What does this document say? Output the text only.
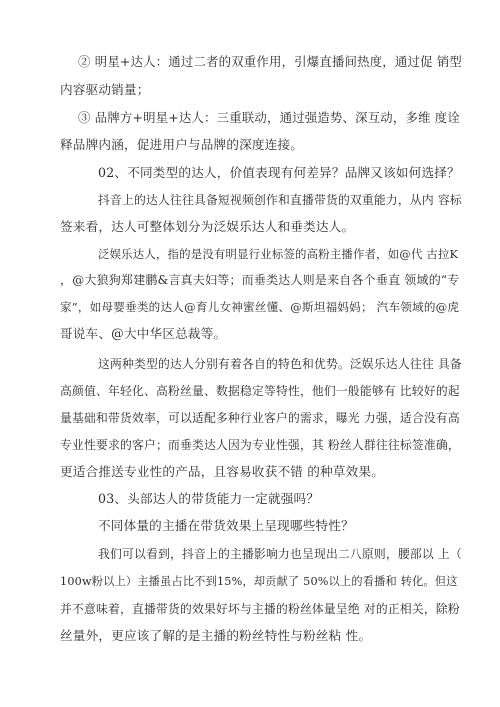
② 明星+达人：通过二者的双重作用，引爆直播间热度，通过促 销型
内容驱动销量；
③ 品牌方+明星+达人：三重联动，通过强造势、深互动，多维 度诠
释品牌内涵，促进用户与品牌的深度连接。
02、不同类型的达人，价值表现有何差异？品牌又该如何选择？
抖音上的达人往往具备短视频创作和直播带货的双重能力，从内 容标
签来看，达人可整体划分为泛娱乐达人和垂类达人。
泛娱乐达人，指的是没有明显行业标签的高粉主播作者，如@代 古拉K
，@大狼狗郑建鹏&言真夫妇等；而垂类达人则是来自各个垂直 领域的“专
家”，如母婴垂类的达人@育儿女神蜜丝懂、@斯坦福妈妈； 汽车领域的@虎
哥说车、@大中华区总裁等。
这两种类型的达人分别有着各自的特色和优势。泛娱乐达人往往 具备
高颜值、年轻化、高粉丝量、数据稳定等特性，他们一般能够有 比较好的起
量基础和带货效率，可以适配多种行业客户的需求，曝光 力强，适合没有高
专业性要求的客户；而垂类达人因为专业性强，其 粉丝人群往往标签准确，
更适合推送专业性的产品，且容易收获不错 的种草效果。
03、头部达人的带货能力一定就强吗？
不同体量的主播在带货效果上呈现哪些特性？
我们可以看到，抖音上的主播影响力也呈现出二八原则，腰部以 上（
100w粉以上）主播虽占比不到15%，却贡献了 50%以上的看播和 转化。但这
并不意味着，直播带货的效果好坏与主播的粉丝体量呈绝 对的正相关，除粉
丝量外，更应该了解的是主播的粉丝特性与粉丝粘 性。
